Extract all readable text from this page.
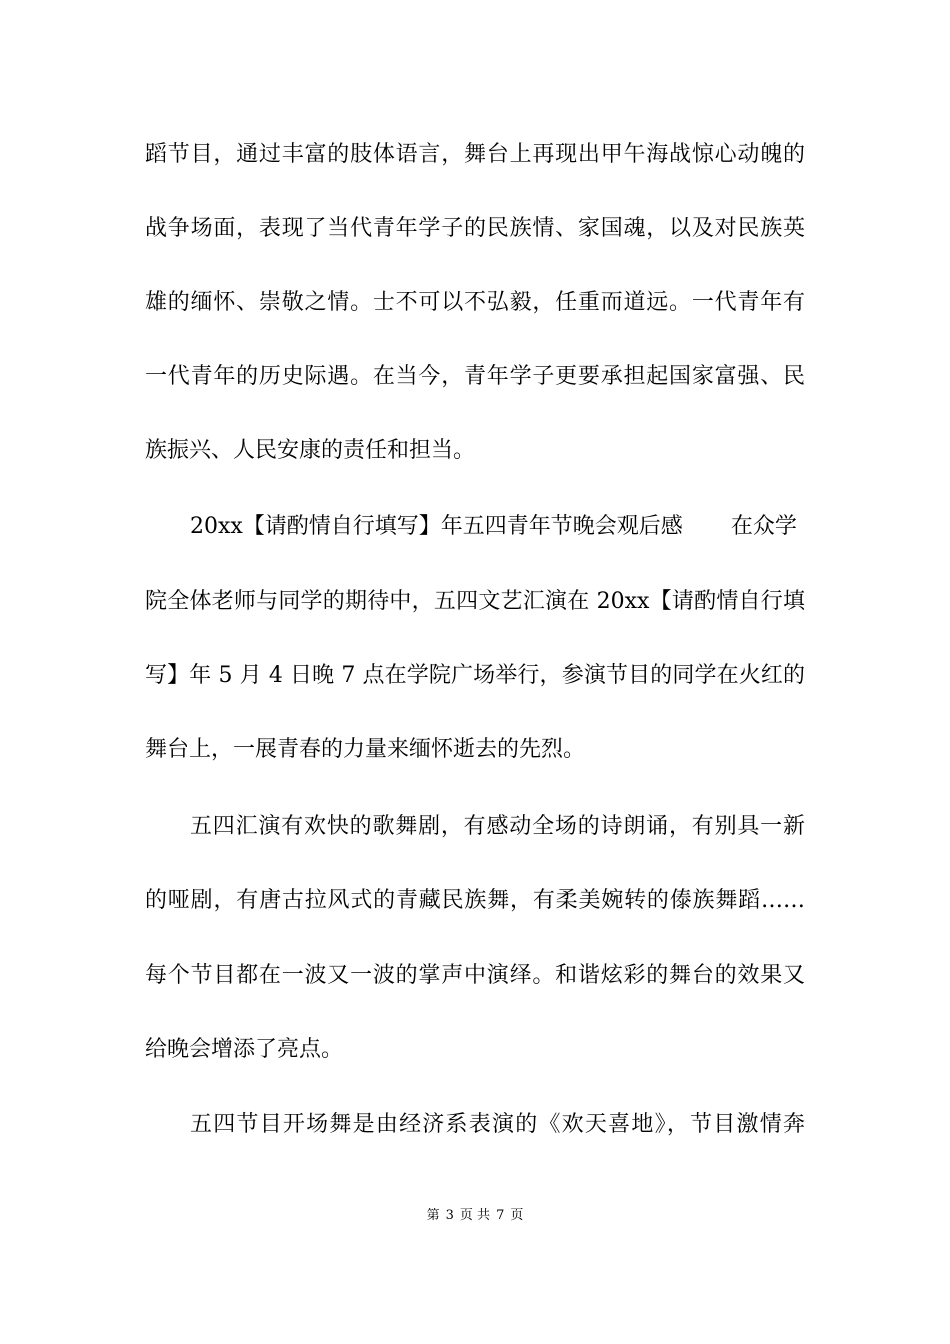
蹈节目，通过丰富的肢体语言，舞台上再现出甲午海战惊心动魄的
战争场面，表现了当代青年学子的民族情、家国魂，以及对民族英
雄的缅怀、崇敬之情。士不可以不弘毅，任重而道远。一代青年有
一代青年的历史际遇。在当今，青年学子更要承担起国家富强、民
族振兴、人民安康的责任和担当。
20xx【请酌情自行填写】年五四青年节晚会观后感 在众学
院全体老师与同学的期待中，五四文艺汇演在 20xx【请酌情自行填
写】年 5 月 4 日晚 7 点在学院广场举行，参演节目的同学在火红的
舞台上，一展青春的力量来缅怀逝去的先烈。
五四汇演有欢快的歌舞剧，有感动全场的诗朗诵，有别具一新
的哑剧，有唐古拉风式的青藏民族舞，有柔美婉转的傣族舞蹈……
每个节目都在一波又一波的掌声中演绎。和谐炫彩的舞台的效果又
给晚会增添了亮点。
五四节目开场舞是由经济系表演的《欢天喜地》，节目激情奔
第 3 页 共 7 页
